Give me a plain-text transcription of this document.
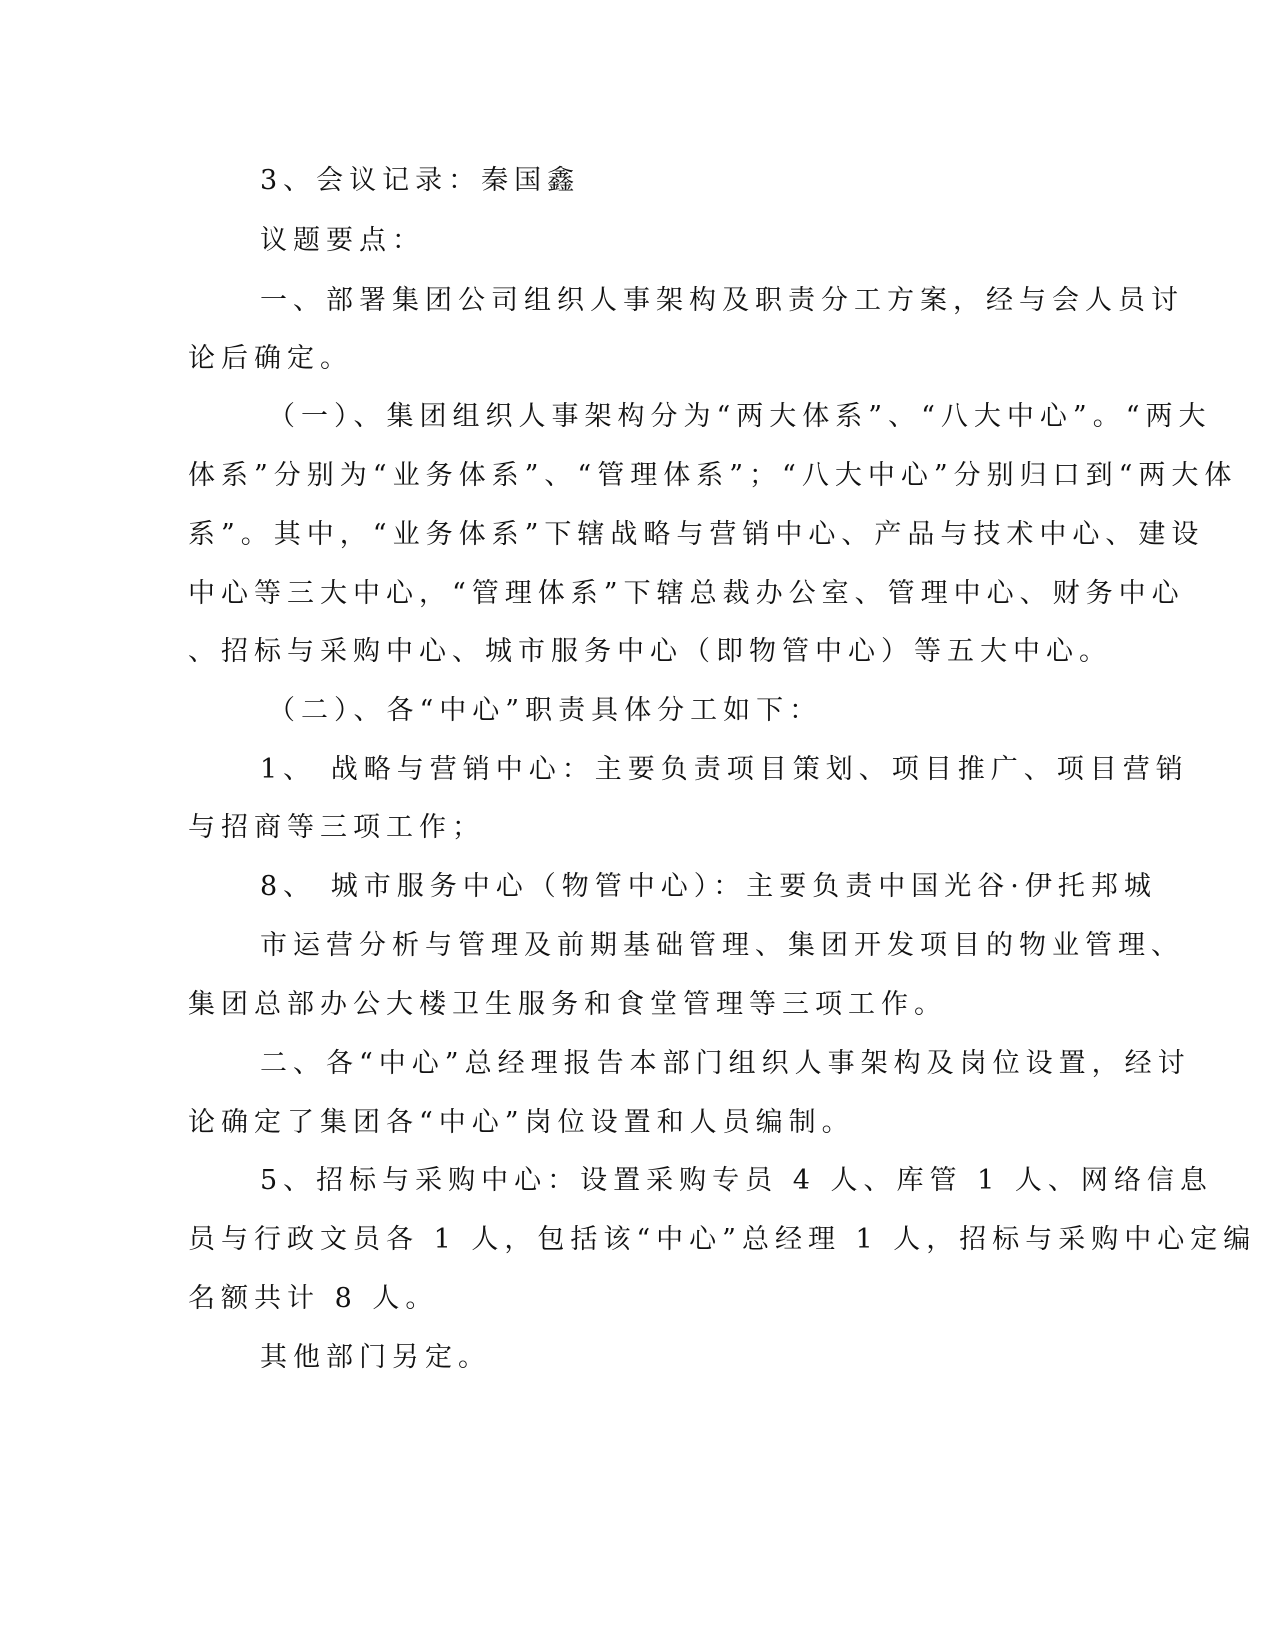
3、会议记录：秦国鑫
议题要点：
一、部署集团公司组织人事架构及职责分工方案，经与会人员讨
论后确定。
（一）、集团组织人事架构分为“两大体系”、“八大中心”。“两大
体系”分别为“业务体系”、“管理体系”；“八大中心”分别归口到“两大体
系”。其中，“业务体系”下辖战略与营销中心、产品与技术中心、建设
中心等三大中心，“管理体系”下辖总裁办公室、管理中心、财务中心
、招标与采购中心、城市服务中心（即物管中心）等五大中心。
（二）、各“中心”职责具体分工如下：
1、 战略与营销中心：主要负责项目策划、项目推广、项目营销
与招商等三项工作；
8、 城市服务中心（物管中心）：主要负责中国光谷·伊托邦城
市运营分析与管理及前期基础管理、集团开发项目的物业管理、
集团总部办公大楼卫生服务和食堂管理等三项工作。
二、各“中心”总经理报告本部门组织人事架构及岗位设置，经讨
论确定了集团各“中心”岗位设置和人员编制。
5、招标与采购中心：设置采购专员 4 人、库管 1 人、网络信息
员与行政文员各 1 人，包括该“中心”总经理 1 人，招标与采购中心定编
名额共计 8 人。
其他部门另定。
